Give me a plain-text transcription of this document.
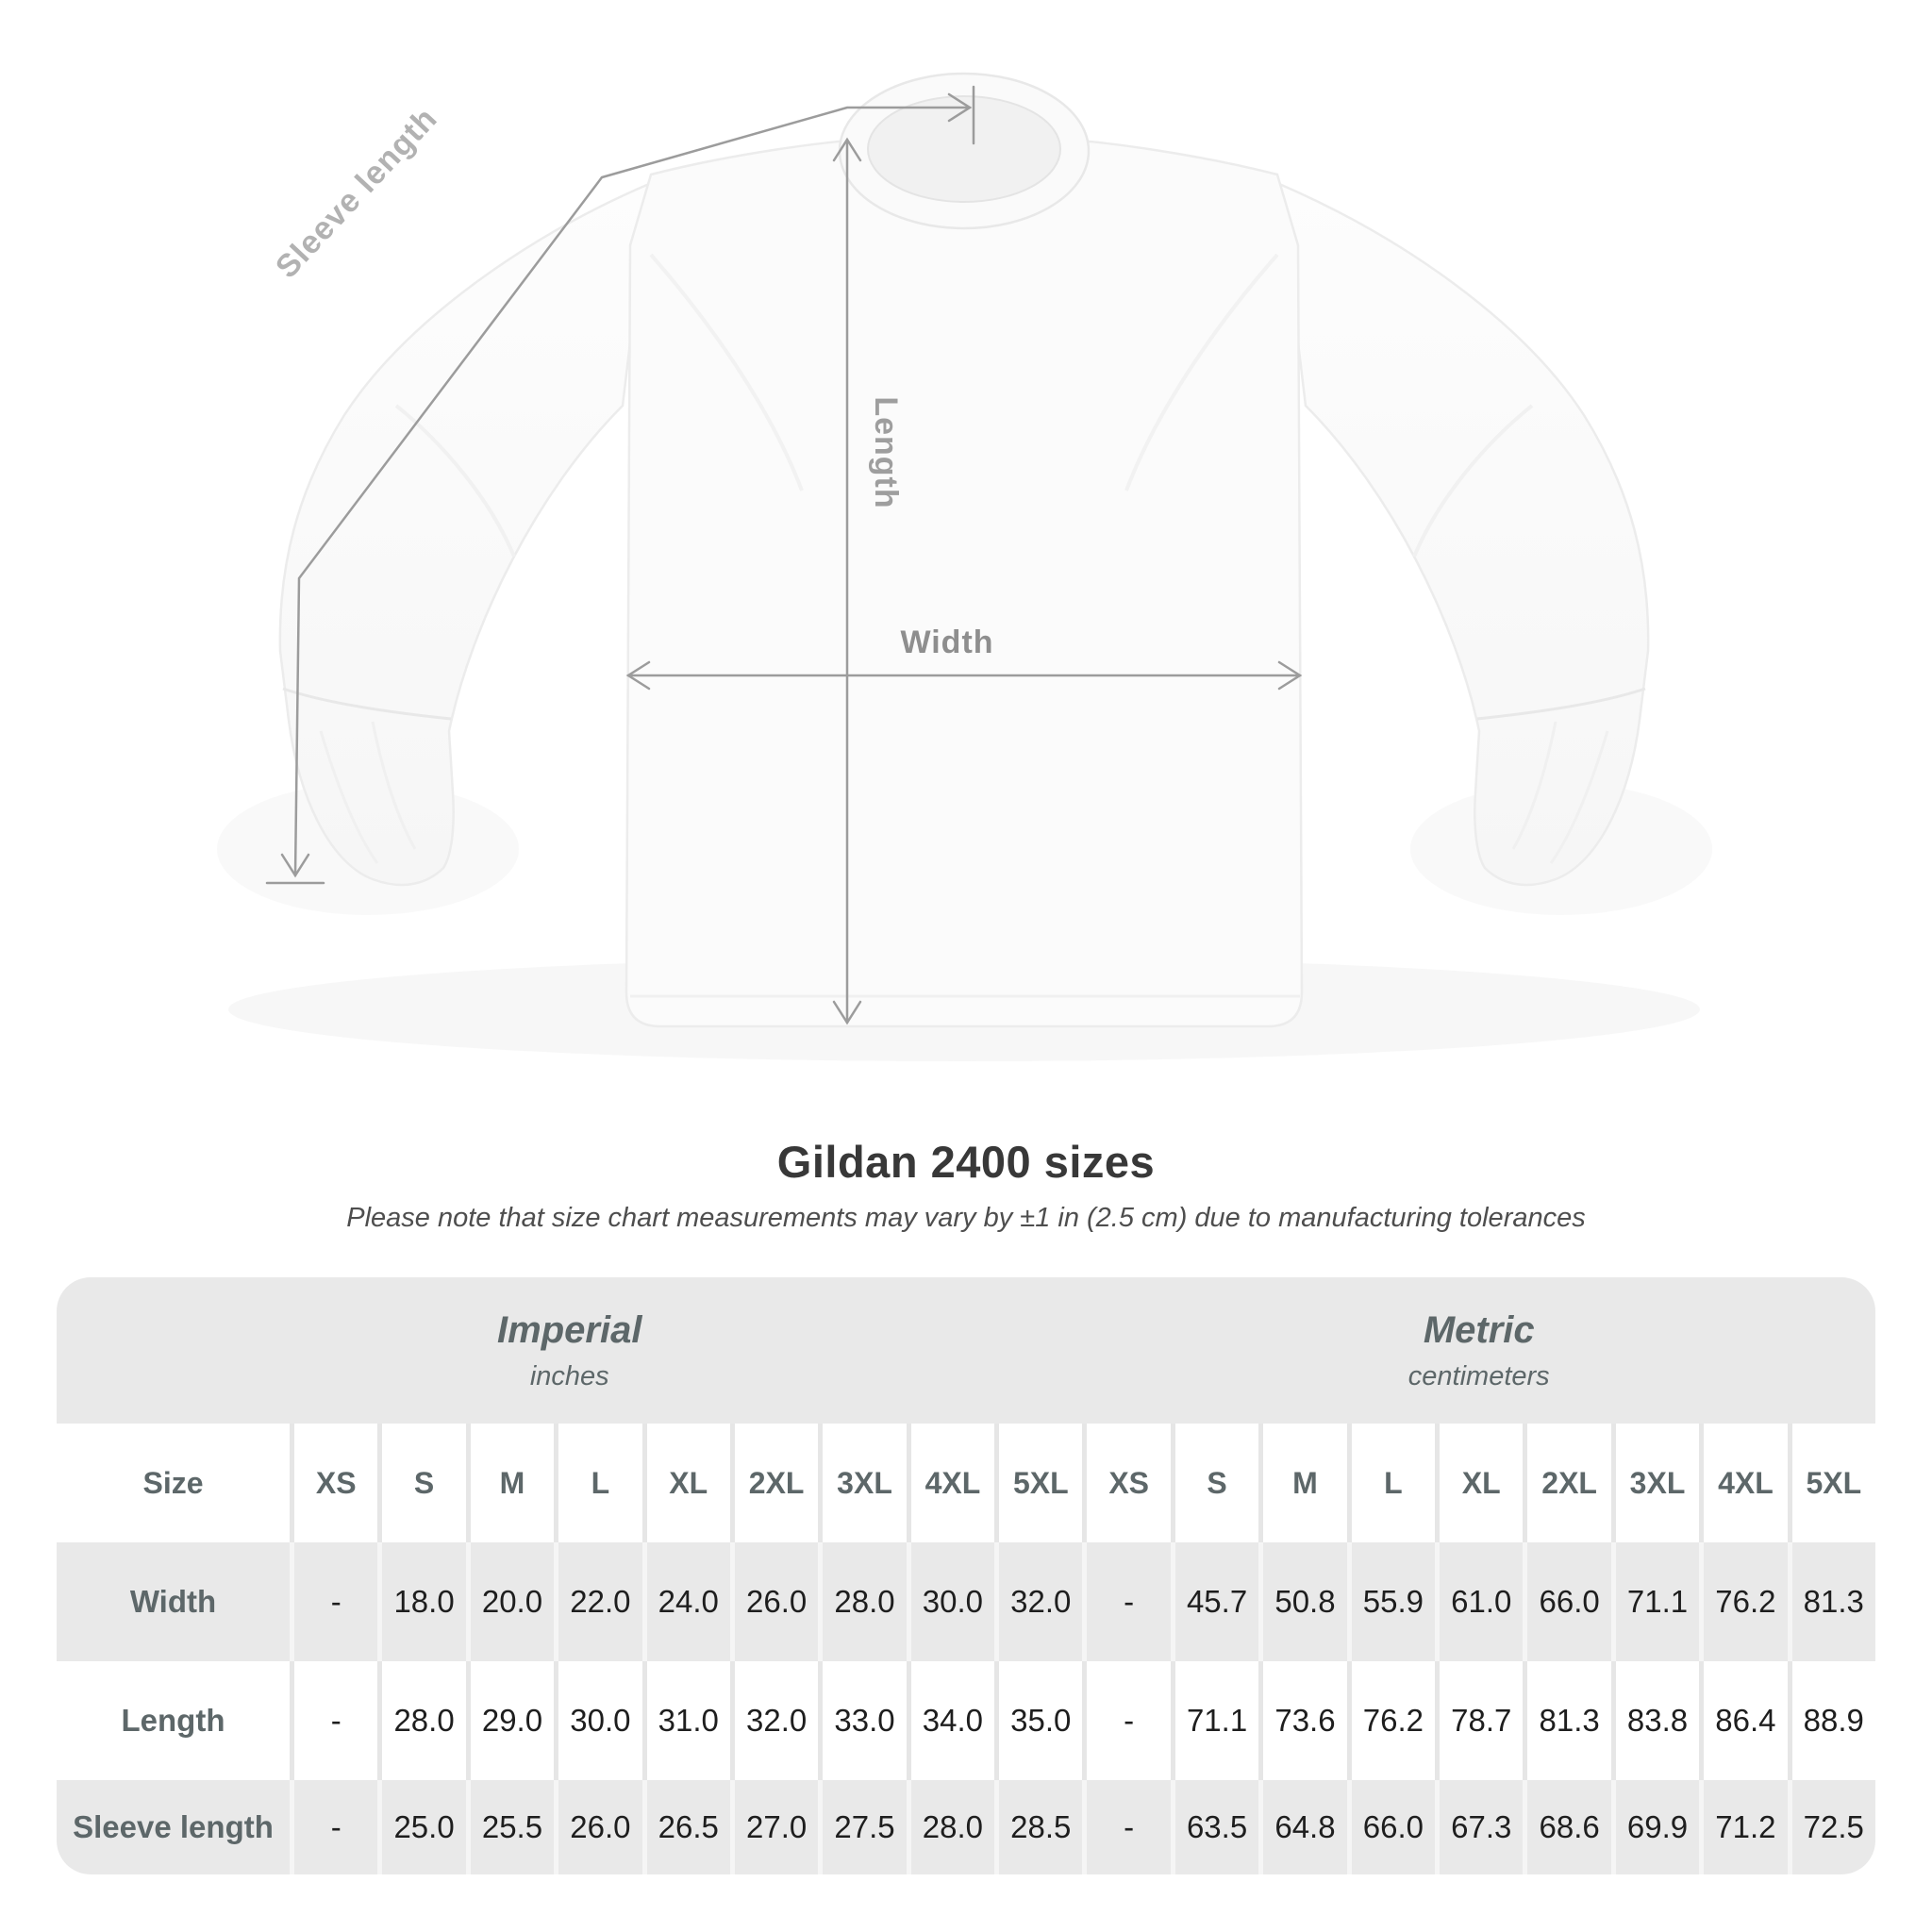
Sleeve length
Length
Width
Gildan 2400 sizes

Please note that size chart measurements may vary by ±1 in (2.5 cm) due to manufacturing tolerances

Imperial
inches
Metric
centimeters
Size	XS	S	M	L	XL	2XL	3XL	4XL	5XL	XS	S	M	L	XL	2XL	3XL	4XL	5XL
Width	-	18.0 20.0 22.0 24.0 26.0 28.0 30.0 32.0	-	45.7 50.8 55.9 61.0 66.0 71.1 76.2 81.3
Length	-	28.0 29.0 30.0 31.0 32.0 33.0 34.0 35.0	-	71.1 73.6 76.2 78.7 81.3 83.8 86.4 88.9
Sleeve length	-	25.0 25.5 26.0 26.5 27.0 27.5 28.0 28.5	-	63.5 64.8 66.0 67.3 68.6 69.9 71.2 72.5
